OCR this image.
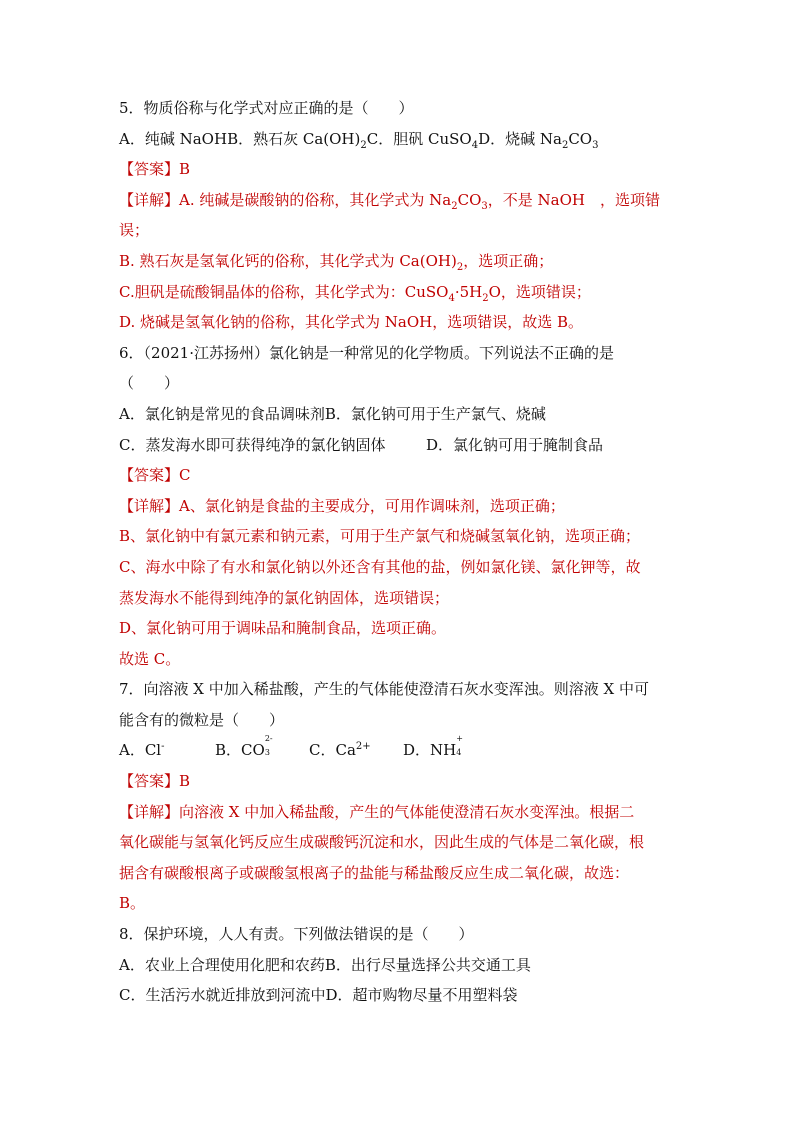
5．物质俗称与化学式对应正确的是（　　）
A．纯碱 NaOHB．熟石灰 $Ca(OH)_2C$．胆矾 CuSO$_4$D．烧碱 $Na_2CO_3$
【答案】B
【详解】A. 纯碱是碳酸钠的俗称，其化学式为 $Na_2CO_3$，不是 NaOH　，选项错
误；
B. 熟石灰是氢氧化钙的俗称，其化学式为 $Ca(OH)_2$，选项正确；
C.胆矾是硫酸铜晶体的俗称，其化学式为：$CuSO_4\cdot 5H_2O$，选项错误；
D. 烧碱是氢氧化钠的俗称，其化学式为 NaOH，选项错误，故选 B。
6．（2021·江苏扬州）氯化钠是一种常见的化学物质。下列说法不正确的是
（　　）
A．氯化钠是常见的食品调味剂B．氯化钠可用于生产氯气、烧碱
C．蒸发海水即可获得纯净的氯化钠固体	D．氯化钠可用于腌制食品
【答案】C
【详解】A、氯化钠是食盐的主要成分，可用作调味剂，选项正确；
B、氯化钠中有氯元素和钠元素，可用于生产氯气和烧碱氢氧化钠，选项正确；
C、海水中除了有水和氯化钠以外还含有其他的盐，例如氯化镁、氯化钾等，故
蒸发海水不能得到纯净的氯化钠固体，选项错误；
D、氯化钠可用于调味品和腌制食品，选项正确。
故选 C。
7．向溶液 X 中加入稀盐酸，产生的气体能使澄清石灰水变浑浊。则溶液 X 中可
能含有的微粒是（　　）
A．Cl-	B．CO
2-
3	C．$Ca^{2+}$ D．NH
+
4
【答案】B
【详解】向溶液 X 中加入稀盐酸，产生的气体能使澄清石灰水变浑浊。根据二
氧化碳能与氢氧化钙反应生成碳酸钙沉淀和水，因此生成的气体是二氧化碳，根
据含有碳酸根离子或碳酸氢根离子的盐能与稀盐酸反应生成二氧化碳，故选：
B。
8．保护环境，人人有责。下列做法错误的是（　　）
A．农业上合理使用化肥和农药B．出行尽量选择公共交通工具
C．生活污水就近排放到河流中D．超市购物尽量不用塑料袋
